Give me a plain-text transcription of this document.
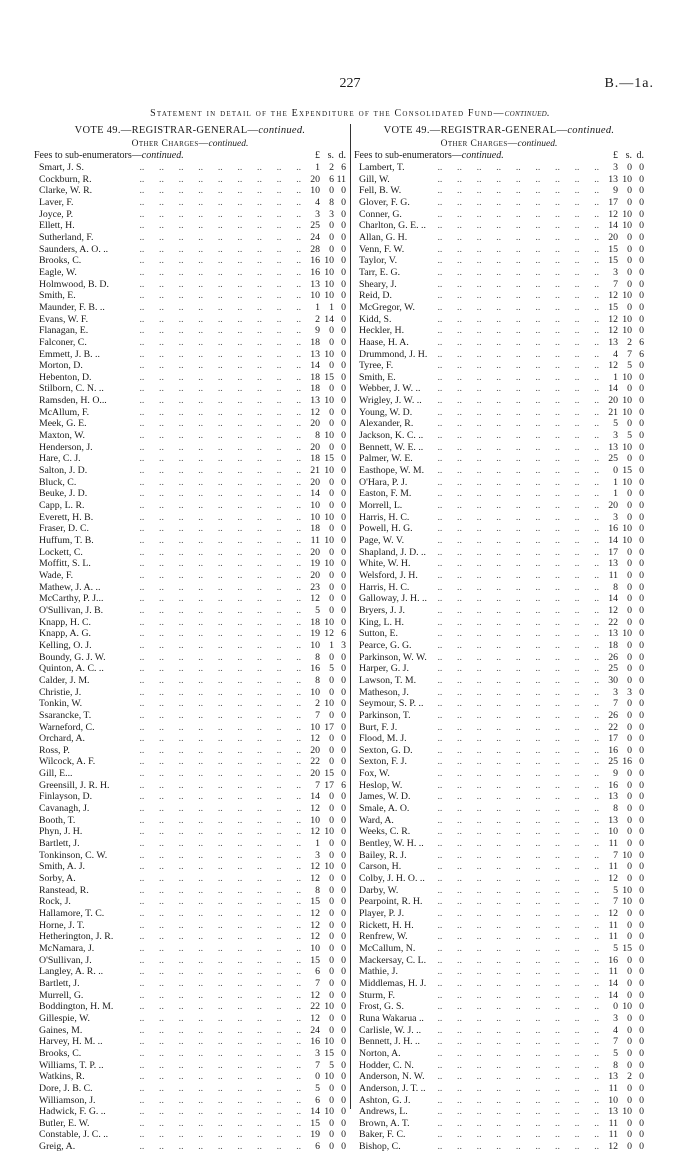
227	B.—1a.
Statement in detail of the Expenditure of the Consolidated Fund—continued.
VOTE 49.—REGISTRAR-GENERAL—continued.
Other Charges—continued.
Fees to sub-enumerators—continued.	£ s. d.
..      ..      ..      ..      ..      ..      ..      ..      ..
Smart, J. S.	1 2 6
..      ..      ..      ..      ..      ..      ..      ..      ..
Cockburn, R.	20 6 11
..      ..      ..      ..      ..      ..      ..      ..      ..
Clarke, W. R.	10 0 0
..      ..      ..      ..      ..      ..      ..      ..      ..
Laver, F.	4 8 0
..      ..      ..      ..      ..      ..      ..      ..      ..
Joyce, P.	3 3 0
..      ..      ..      ..      ..      ..      ..      ..      ..
Ellett, H.	25 0 0
..      ..      ..      ..      ..      ..      ..      ..      ..
Sutherland, F.	24 0 0
..      ..      ..      ..      ..      ..      ..      ..      ..
Saunders, A. O. ..	28 0 0
..      ..      ..      ..      ..      ..      ..      ..      ..
Brooks, C.	16 10 0
..      ..      ..      ..      ..      ..      ..      ..      ..
Eagle, W.	16 10 0
..      ..      ..      ..      ..      ..      ..      ..      ..
Holmwood, B. D.	13 10 0
..      ..      ..      ..      ..      ..      ..      ..      ..
Smith, E.	10 10 0
..      ..      ..      ..      ..      ..      ..      ..      ..
Maunder, F. B. ..	1 1 0
..      ..      ..      ..      ..      ..      ..      ..      ..
Evans, W. F.	2 14 0
..      ..      ..      ..      ..      ..      ..      ..      ..
Flanagan, E.	9 0 0
..      ..      ..      ..      ..      ..      ..      ..      ..
Falconer, C.	18 0 0
..      ..      ..      ..      ..      ..      ..      ..      ..
Emmett, J. B. ..	13 10 0
..      ..      ..      ..      ..      ..      ..      ..      ..
Morton, D.	14 0 0
..      ..      ..      ..      ..      ..      ..      ..      ..
Hebenton, D.	18 15 0
..      ..      ..      ..      ..      ..      ..      ..      ..
Stilborn, C. N. ..	18 0 0
..      ..      ..      ..      ..      ..      ..      ..      ..
Ramsden, H. O...	13 10 0
..      ..      ..      ..      ..      ..      ..      ..      ..
McAllum, F.	12 0 0
..      ..      ..      ..      ..      ..      ..      ..      ..
Meek, G. E.	20 0 0
..      ..      ..      ..      ..      ..      ..      ..      ..
Maxton, W.	8 10 0
..      ..      ..      ..      ..      ..      ..      ..      ..
Henderson, J.	20 0 0
..      ..      ..      ..      ..      ..      ..      ..      ..
Hare, C. J.	18 15 0
..      ..      ..      ..      ..      ..      ..      ..      ..
Salton, J. D.	21 10 0
..      ..      ..      ..      ..      ..      ..      ..      ..
Bluck, C.	20 0 0
..      ..      ..      ..      ..      ..      ..      ..      ..
Beuke, J. D.	14 0 0
..      ..      ..      ..      ..      ..      ..      ..      ..
Capp, L. R.	10 0 0
..      ..      ..      ..      ..      ..      ..      ..      ..
Everett, H. B.	10 10 0
..      ..      ..      ..      ..      ..      ..      ..      ..
Fraser, D. C.	18 0 0
..      ..      ..      ..      ..      ..      ..      ..      ..
Huffum, T. B.	11 10 0
..      ..      ..      ..      ..      ..      ..      ..      ..
Lockett, C.	20 0 0
..      ..      ..      ..      ..      ..      ..      ..      ..
Moffitt, S. L.	19 10 0
..      ..      ..      ..      ..      ..      ..      ..      ..
Wade, F.	20 0 0
..      ..      ..      ..      ..      ..      ..      ..      ..
Mathew, J. A. ..	23 0 0
..      ..      ..      ..      ..      ..      ..      ..      ..
McCarthy, P. J...	12 0 0
..      ..      ..      ..      ..      ..      ..      ..      ..
O'Sullivan, J. B.	5 0 0
..      ..      ..      ..      ..      ..      ..      ..      ..
Knapp, H. C.	18 10 0
..      ..      ..      ..      ..      ..      ..      ..      ..
Knapp, A. G.	19 12 6
..      ..      ..      ..      ..      ..      ..      ..      ..
Kelling, O. J.	10 1 3
..      ..      ..      ..      ..      ..      ..      ..      ..
Boundy, G. J. W.	8 0 0
..      ..      ..      ..      ..      ..      ..      ..      ..
Quinton, A. C. ..	16 5 0
..      ..      ..      ..      ..      ..      ..      ..      ..
Calder, J. M.	8 0 0
..      ..      ..      ..      ..      ..      ..      ..      ..
Christie, J.	10 0 0
..      ..      ..      ..      ..      ..      ..      ..      ..
Tonkin, W.	2 10 0
..      ..      ..      ..      ..      ..      ..      ..      ..
Ssarancke, T.	7 0 0
..      ..      ..      ..      ..      ..      ..      ..      ..
Warneford, C.	10 17 0
..      ..      ..      ..      ..      ..      ..      ..      ..
Orchard, A.	12 0 0
..      ..      ..      ..      ..      ..      ..      ..      ..
Ross, P.	20 0 0
..      ..      ..      ..      ..      ..      ..      ..      ..
Wilcock, A. F.	22 0 0
..      ..      ..      ..      ..      ..      ..      ..      ..
Gill, E...	20 15 0
..      ..      ..      ..      ..      ..      ..      ..      ..
Greensill, J. R. H.	7 17 6
..      ..      ..      ..      ..      ..      ..      ..      ..
Finlayson, D.	14 0 0
..      ..      ..      ..      ..      ..      ..      ..      ..
Cavanagh, J.	12 0 0
..      ..      ..      ..      ..      ..      ..      ..      ..
Booth, T.	10 0 0
..      ..      ..      ..      ..      ..      ..      ..      ..
Phyn, J. H.	12 10 0
..      ..      ..      ..      ..      ..      ..      ..      ..
Bartlett, J.	1 0 0
..      ..      ..      ..      ..      ..      ..      ..      ..
Tonkinson, C. W.	3 0 0
..      ..      ..      ..      ..      ..      ..      ..      ..
Smith, A. J.	12 10 0
..      ..      ..      ..      ..      ..      ..      ..      ..
Sorby, A.	12 0 0
..      ..      ..      ..      ..      ..      ..      ..      ..
Ranstead, R.	8 0 0
..      ..      ..      ..      ..      ..      ..      ..      ..
Rock, J.	15 0 0
..      ..      ..      ..      ..      ..      ..      ..      ..
Hallamore, T. C.	12 0 0
..      ..      ..      ..      ..      ..      ..      ..      ..
Horne, J. T.	12 0 0
..      ..      ..      ..      ..      ..      ..      ..      ..
Hetherington, J. R.	12 0 0
..      ..      ..      ..      ..      ..      ..      ..      ..
McNamara, J.	10 0 0
..      ..      ..      ..      ..      ..      ..      ..      ..
O'Sullivan, J.	15 0 0
..      ..      ..      ..      ..      ..      ..      ..      ..
Langley, A. R. ..	6 0 0
..      ..      ..      ..      ..      ..      ..      ..      ..
Bartlett, J.	7 0 0
..      ..      ..      ..      ..      ..      ..      ..      ..
Murrell, G.	12 0 0
..      ..      ..      ..      ..      ..      ..      ..      ..
Boddington, H. M.	22 10 0
..      ..      ..      ..      ..      ..      ..      ..      ..
Gillespie, W.	12 0 0
..      ..      ..      ..      ..      ..      ..      ..      ..
Gaines, M.	24 0 0
..      ..      ..      ..      ..      ..      ..      ..      ..
Harvey, H. M. ..	16 10 0
..      ..      ..      ..      ..      ..      ..      ..      ..
Brooks, C.	3 15 0
..      ..      ..      ..      ..      ..      ..      ..      ..
Williams, T. P. ..	7 5 0
..      ..      ..      ..      ..      ..      ..      ..      ..
Watkins, R.	0 10 0
..      ..      ..      ..      ..      ..      ..      ..      ..
Dore, J. B. C.	5 0 0
..      ..      ..      ..      ..      ..      ..      ..      ..
Williamson, J.	6 0 0
..      ..      ..      ..      ..      ..      ..      ..      ..
Hadwick, F. G. ..	14 10 0
..      ..      ..      ..      ..      ..      ..      ..      ..
Butler, E. W.	15 0 0
..      ..      ..      ..      ..      ..      ..      ..      ..
Constable, J. C. ..	19 0 0
..      ..      ..      ..      ..      ..      ..      ..      ..
Greig, A.	6 0 0
VOTE 49.—REGISTRAR-GENERAL—continued.
Other Charges—continued.
Fees to sub-enumerators—continued.	£ s. d.
..      ..      ..      ..      ..      ..      ..      ..      ..
Lambert, T.	3 0 0
..      ..      ..      ..      ..      ..      ..      ..      ..
Gill, W.	13 10 0
..      ..      ..      ..      ..      ..      ..      ..      ..
Fell, B. W.	9 0 0
..      ..      ..      ..      ..      ..      ..      ..      ..
Glover, F. G.	17 0 0
..      ..      ..      ..      ..      ..      ..      ..      ..
Conner, G.	12 10 0
..      ..      ..      ..      ..      ..      ..      ..      ..
Charlton, G. E. ..	14 10 0
..      ..      ..      ..      ..      ..      ..      ..      ..
Allan, G. H.	20 0 0
..      ..      ..      ..      ..      ..      ..      ..      ..
Venn, F. W.	15 0 0
..      ..      ..      ..      ..      ..      ..      ..      ..
Taylor, V.	15 0 0
..      ..      ..      ..      ..      ..      ..      ..      ..
Tarr, E. G.	3 0 0
..      ..      ..      ..      ..      ..      ..      ..      ..
Sheary, J.	7 0 0
..      ..      ..      ..      ..      ..      ..      ..      ..
Reid, D.	12 10 0
..      ..      ..      ..      ..      ..      ..      ..      ..
McGregor, W.	15 0 0
..      ..      ..      ..      ..      ..      ..      ..      ..
Kidd, S.	12 10 0
..      ..      ..      ..      ..      ..      ..      ..      ..
Heckler, H.	12 10 0
..      ..      ..      ..      ..      ..      ..      ..      ..
Haase, H. A.	13 2 6
..      ..      ..      ..      ..      ..      ..      ..      ..
Drummond, J. H.	4 7 6
..      ..      ..      ..      ..      ..      ..      ..      ..
Tyree, F.	12 5 0
..      ..      ..      ..      ..      ..      ..      ..      ..
Smith, E.	1 10 0
..      ..      ..      ..      ..      ..      ..      ..      ..
Webber, J. W. ..	14 0 0
..      ..      ..      ..      ..      ..      ..      ..      ..
Wrigley, J. W. ..	20 10 0
..      ..      ..      ..      ..      ..      ..      ..      ..
Young, W. D.	21 10 0
..      ..      ..      ..      ..      ..      ..      ..      ..
Alexander, R.	5 0 0
..      ..      ..      ..      ..      ..      ..      ..      ..
Jackson, K. C. ..	3 5 0
..      ..      ..      ..      ..      ..      ..      ..      ..
Bennett, W. E. ..	13 10 0
..      ..      ..      ..      ..      ..      ..      ..      ..
Palmer, W. E.	25 0 0
..      ..      ..      ..      ..      ..      ..      ..      ..
Easthope, W. M.	0 15 0
..      ..      ..      ..      ..      ..      ..      ..      ..
O'Hara, P. J.	1 10 0
..      ..      ..      ..      ..      ..      ..      ..      ..
Easton, F. M.	1 0 0
..      ..      ..      ..      ..      ..      ..      ..      ..
Morrell, L.	20 0 0
..      ..      ..      ..      ..      ..      ..      ..      ..
Harris, H. C.	3 0 0
..      ..      ..      ..      ..      ..      ..      ..      ..
Powell, H. G.	16 10 0
..      ..      ..      ..      ..      ..      ..      ..      ..
Page, W. V.	14 10 0
..      ..      ..      ..      ..      ..      ..      ..      ..
Shapland, J. D. ..	17 0 0
..      ..      ..      ..      ..      ..      ..      ..      ..
White, W. H.	13 0 0
..      ..      ..      ..      ..      ..      ..      ..      ..
Welsford, J. H.	11 0 0
..      ..      ..      ..      ..      ..      ..      ..      ..
Harris, H. C.	8 0 0
..      ..      ..      ..      ..      ..      ..      ..      ..
Galloway, J. H. ..	14 0 0
..      ..      ..      ..      ..      ..      ..      ..      ..
Bryers, J. J.	12 0 0
..      ..      ..      ..      ..      ..      ..      ..      ..
King, L. H.	22 0 0
..      ..      ..      ..      ..      ..      ..      ..      ..
Sutton, E.	13 10 0
..      ..      ..      ..      ..      ..      ..      ..      ..
Pearce, G. G.	18 0 0
..      ..      ..      ..      ..      ..      ..      ..      ..
Parkinson, W. W.	26 0 0
..      ..      ..      ..      ..      ..      ..      ..      ..
Harper, G. J.	25 0 0
..      ..      ..      ..      ..      ..      ..      ..      ..
Lawson, T. M.	30 0 0
..      ..      ..      ..      ..      ..      ..      ..      ..
Matheson, J.	3 3 0
..      ..      ..      ..      ..      ..      ..      ..      ..
Seymour, S. P. ..	7 0 0
..      ..      ..      ..      ..      ..      ..      ..      ..
Parkinson, T.	26 0 0
..      ..      ..      ..      ..      ..      ..      ..      ..
Burt, F. J.	22 0 0
..      ..      ..      ..      ..      ..      ..      ..      ..
Flood, M. J.	17 0 0
..      ..      ..      ..      ..      ..      ..      ..      ..
Sexton, G. D.	16 0 0
..      ..      ..      ..      ..      ..      ..      ..      ..
Sexton, F. J.	25 16 0
..      ..      ..      ..      ..      ..      ..      ..      ..
Fox, W.	9 0 0
..      ..      ..      ..      ..      ..      ..      ..      ..
Heslop, W.	16 0 0
..      ..      ..      ..      ..      ..      ..      ..      ..
James, W. D.	13 0 0
..      ..      ..      ..      ..      ..      ..      ..      ..
Smale, A. O.	8 0 0
..      ..      ..      ..      ..      ..      ..      ..      ..
Ward, A.	13 0 0
..      ..      ..      ..      ..      ..      ..      ..      ..
Weeks, C. R.	10 0 0
..      ..      ..      ..      ..      ..      ..      ..      ..
Bentley, W. H. ..	11 0 0
..      ..      ..      ..      ..      ..      ..      ..      ..
Bailey, R. J.	7 10 0
..      ..      ..      ..      ..      ..      ..      ..      ..
Carson, H.	11 0 0
..      ..      ..      ..      ..      ..      ..      ..      ..
Colby, J. H. O. ..	12 0 0
..      ..      ..      ..      ..      ..      ..      ..      ..
Darby, W.	5 10 0
..      ..      ..      ..      ..      ..      ..      ..      ..
Pearpoint, R. H.	7 10 0
..      ..      ..      ..      ..      ..      ..      ..      ..
Player, P. J.	12 0 0
..      ..      ..      ..      ..      ..      ..      ..      ..
Rickett, H. H.	11 0 0
..      ..      ..      ..      ..      ..      ..      ..      ..
Renfrew, W.	11 0 0
..      ..      ..      ..      ..      ..      ..      ..      ..
McCallum, N.	5 15 0
..      ..      ..      ..      ..      ..      ..      ..      ..
Mackersay, C. L.	16 0 0
..      ..      ..      ..      ..      ..      ..      ..      ..
Mathie, J.	11 0 0
..      ..      ..      ..      ..      ..      ..      ..      ..
Middlemas, H. J.	14 0 0
..      ..      ..      ..      ..      ..      ..      ..      ..
Sturm, F.	14 0 0
..      ..      ..      ..      ..      ..      ..      ..      ..
Frost, G. S.	0 10 0
..      ..      ..      ..      ..      ..      ..      ..      ..
Runa Wakarua ..	3 0 0
..      ..      ..      ..      ..      ..      ..      ..      ..
Carlisle, W. J. ..	4 0 0
..      ..      ..      ..      ..      ..      ..      ..      ..
Bennett, J. H. ..	7 0 0
..      ..      ..      ..      ..      ..      ..      ..      ..
Norton, A.	5 0 0
..      ..      ..      ..      ..      ..      ..      ..      ..
Hodder, C. N.	8 0 0
..      ..      ..      ..      ..      ..      ..      ..      ..
Anderson, N. W.	13 2 0
..      ..      ..      ..      ..      ..      ..      ..      ..
Anderson, J. T. ..	11 0 0
..      ..      ..      ..      ..      ..      ..      ..      ..
Ashton, G. J.	10 0 0
..      ..      ..      ..      ..      ..      ..      ..      ..
Andrews, L.	13 10 0
..      ..      ..      ..      ..      ..      ..      ..      ..
Brown, A. T.	11 0 0
..      ..      ..      ..      ..      ..      ..      ..      ..
Baker, F. C.	11 0 0
..      ..      ..      ..      ..      ..      ..      ..      ..
Bishop, C.	12 0 0
